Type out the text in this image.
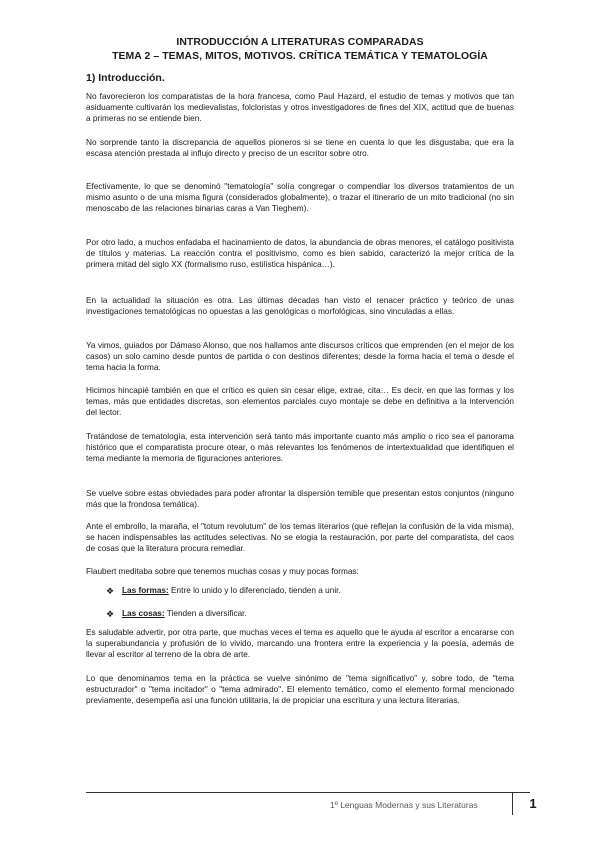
INTRODUCCIÓN A LITERATURAS COMPARADAS
TEMA 2 – TEMAS, MITOS, MOTIVOS. CRÍTICA TEMÁTICA Y TEMATOLOGÍA
1) Introducción.
No favorecieron los comparatistas de la hora francesa, como Paul Hazard, el estudio de temas y motivos que tan asiduamente cultivarán los medievalistas, folcloristas y otros investigadores de fines del XIX, actitud que de buenas a primeras no se entiende bien.
No sorprende tanto la discrepancia de aquellos pioneros si se tiene en cuenta lo que les disgustaba, que era la escasa atención prestada al influjo directo y preciso de un escritor sobre otro.
Efectivamente, lo que se denominó "tematología" solía congregar o compendiar los diversos tratamientos de un mismo asunto o de una misma figura (considerados globalmente), o trazar el itinerario de un mito tradicional (no sin menoscabo de las relaciones binarias caras a Van Tieghem).
Por otro lado, a muchos enfadaba el hacinamiento de datos, la abundancia de obras menores, el catálogo positivista de títulos y materias. La reacción contra el positivismo, como es bien sabido, caracterizó la mejor crítica de la primera mitad del siglo XX (formalismo ruso, estilística hispánica…).
En la actualidad la situación es otra. Las últimas décadas han visto el renacer práctico y teórico de unas investigaciones tematológicas no opuestas a las genológicas o morfológicas, sino vinculadas a ellas.
Ya vimos, guiados por Dámaso Alonso, que nos hallamos ante discursos críticos que emprenden (en el mejor de los casos) un solo camino desde puntos de partida o con destinos diferentes; desde la forma hacia el tema o desde el tema hacia la forma.
Hicimos hincapié también en que el crítico es quien sin cesar elige, extrae, cita… Es decir, en que las formas y los temas, más que entidades discretas, son elementos parciales cuyo montaje se debe en definitiva a la intervención del lector.
Tratándose de tematología, esta intervención será tanto más importante cuanto más amplio o rico sea el panorama histórico que el comparatista procure otear, o más relevantes los fenómenos de intertextualidad que identifiquen el tema mediante la memoria de figuraciones anteriores.
Se vuelve sobre estas obviedades para poder afrontar la dispersión temible que presentan estos conjuntos (ninguno más que la frondosa temática).
Ante el embrollo, la maraña, el "totum revolutum" de los temas literarios (que reflejan la confusión de la vida misma), se hacen indispensables las actitudes selectivas. No se elogia la restauración, por parte del comparatista, del caos de cosas que la literatura procura remediar.
Flaubert meditaba sobre que tenemos muchas cosas y muy pocas formas:
❖ Las formas: Entre lo unido y lo diferenciado, tienden a unir.
❖ Las cosas: Tienden a diversificar.
Es saludable advertir, por otra parte, que muchas veces el tema es aquello que le ayuda al escritor a encararse con la superabundancia y profusión de lo vivido, marcando una frontera entre la experiencia y la poesía, además de llevar al escritor al terreno de la obra de arte.
Lo que denominamos tema en la práctica se vuelve sinónimo de "tema significativo" y, sobre todo, de "tema estructurador" o "tema incitador" o "tema admirado". El elemento temático, como el elemento formal mencionado previamente, desempeña así una función utilitaria, la de propiciar una escritura y una lectura literarias.
1º Lenguas Modernas y sus Literaturas	1
